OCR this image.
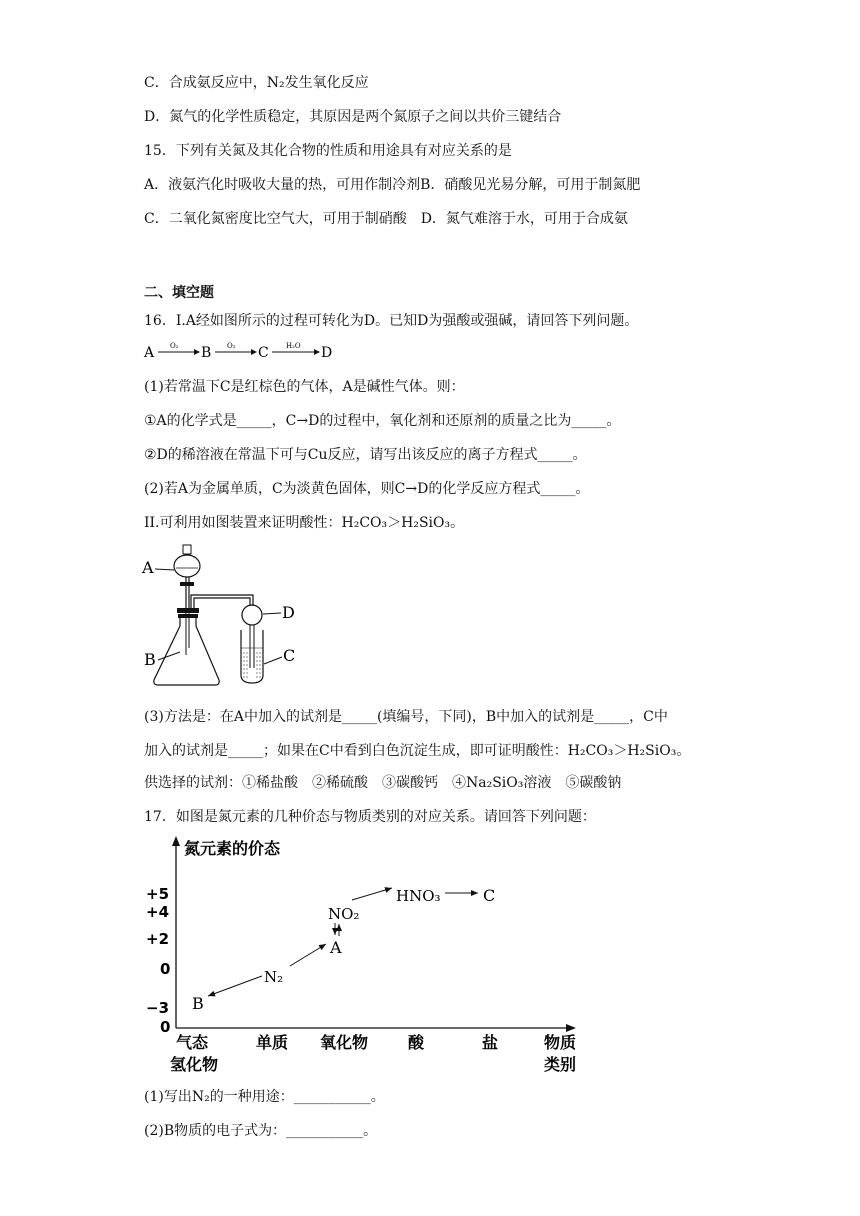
C．合成氨反应中，N₂发生氧化反应
D．氮气的化学性质稳定，其原因是两个氮原子之间以共价三键结合
15．下列有关氮及其化合物的性质和用途具有对应关系的是
A．液氨汽化时吸收大量的热，可用作制冷剂B．硝酸见光易分解，可用于制氮肥
C．二氧化氮密度比空气大，可用于制硝酸　D．氮气难溶于水，可用于合成氨
二、填空题
16．I.A经如图所示的过程可转化为D。已知D为强酸或强碱，请回答下列问题。
A O₂ B O₂ C H₂O D
(1)若常温下C是红棕色的气体，A是碱性气体。则：
①A的化学式是_____，C→D的过程中，氧化剂和还原剂的质量之比为_____。
②D的稀溶液在常温下可与Cu反应，请写出该反应的离子方程式_____。
(2)若A为金属单质，C为淡黄色固体，则C→D的化学反应方程式_____。
II.可利用如图装置来证明酸性：H₂CO₃＞H₂SiO₃。
A
B
D
C
(3)方法是：在A中加入的试剂是_____(填编号，下同)，B中加入的试剂是_____，C中
加入的试剂是_____；如果在C中看到白色沉淀生成，即可证明酸性：H₂CO₃＞H₂SiO₃。
供选择的试剂：①稀盐酸　②稀硫酸　③碳酸钙　④Na₂SiO₃溶液　⑤碳酸钠
17．如图是氮元素的几种价态与物质类别的对应关系。请回答下列问题：
氮元素的价态
+5
+4
+2
0
−3
0
气态
氢化物
单质 氧化物 酸	盐	物质
类别
HNO₃	C
NO₂
A
N₂
B
(1)写出N₂的一种用途：___________。
(2)B物质的电子式为：___________。
